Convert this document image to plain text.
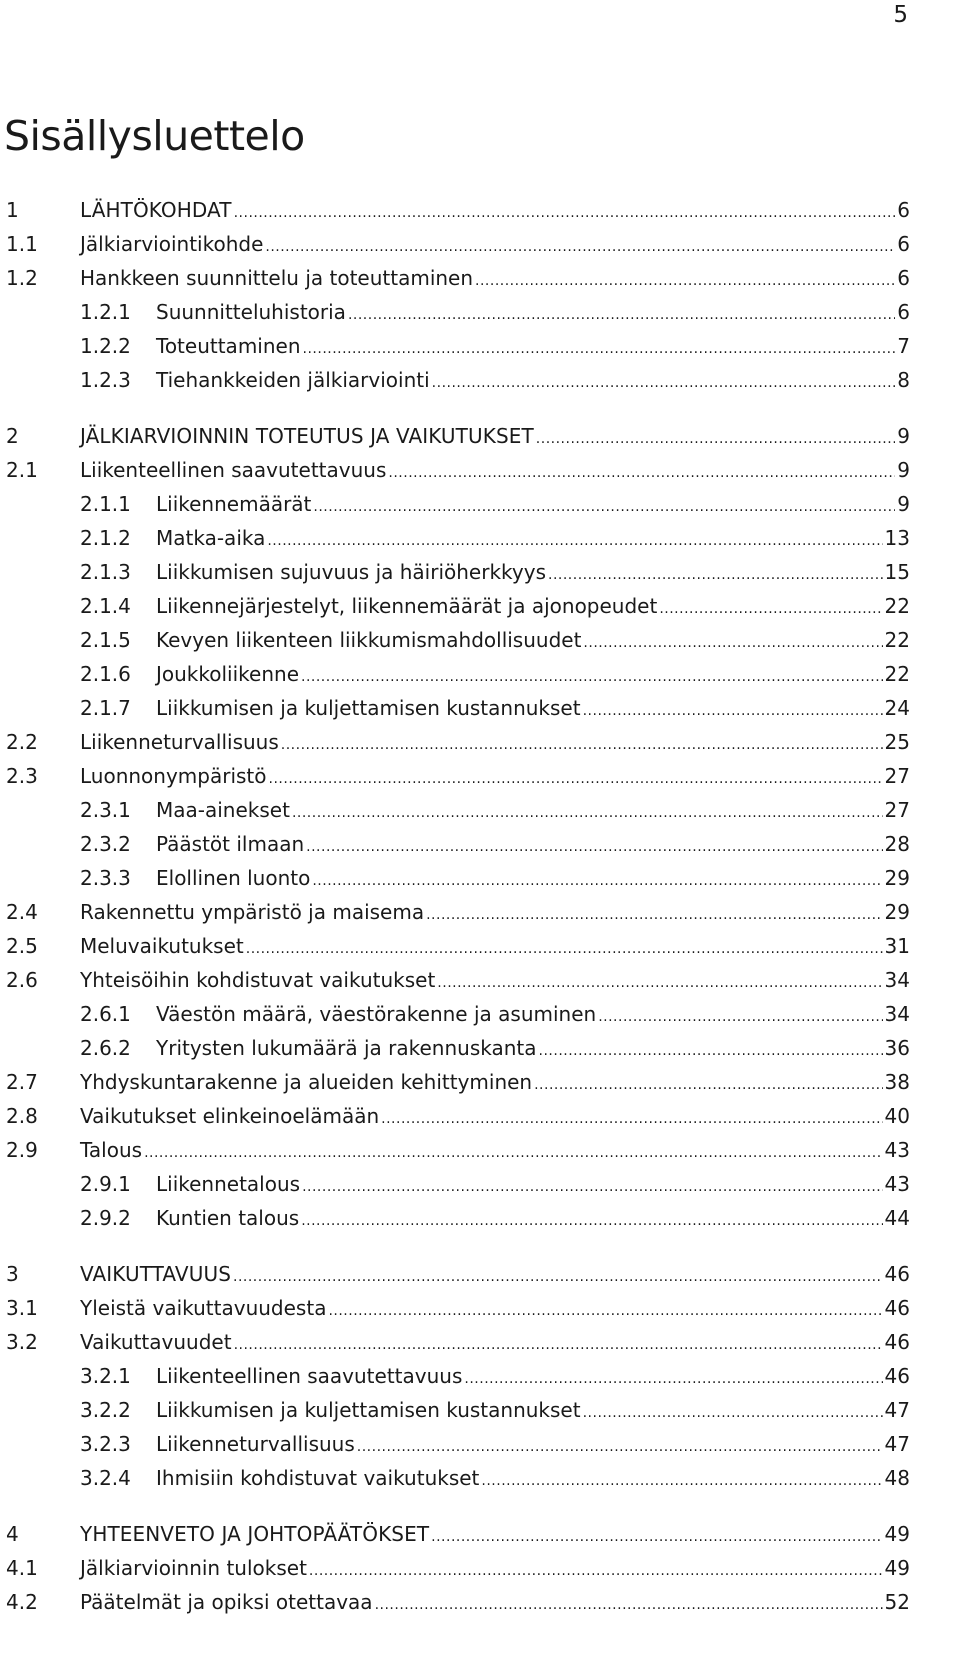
5
Sisällysluettelo
1	LÄHTÖKOHDAT .....	6
1.1	Jälkiarviointikohde .....	6
1.2	Hankkeen suunnittelu ja toteuttaminen .....	6
1.2.1	Suunnitteluhistoria .....	6
1.2.2	Toteuttaminen .....	7
1.2.3	Tiehankkeiden jälkiarviointi .....	8
2	JÄLKIARVIOINNIN TOTEUTUS JA VAIKUTUKSET .....	9
2.1	Liikenteellinen saavutettavuus .....	9
2.1.1	Liikennemäärät .....	9
2.1.2	Matka-aika .....	13
2.1.3	Liikkumisen sujuvuus ja häiriöherkkyys .....	15
2.1.4	Liikennejärjestelyt, liikennemäärät ja ajonopeudet .....	22
2.1.5	Kevyen liikenteen liikkumismahdollisuudet .....	22
2.1.6	Joukkoliikenne .....	22
2.1.7	Liikkumisen ja kuljettamisen kustannukset .....	24
2.2	Liikenneturvallisuus .....	25
2.3	Luonnonympäristö .....	27
2.3.1	Maa-ainekset .....	27
2.3.2	Päästöt ilmaan .....	28
2.3.3	Elollinen luonto .....	29
2.4	Rakennettu ympäristö ja maisema .....	29
2.5	Meluvaikutukset .....	31
2.6	Yhteisöihin kohdistuvat vaikutukset .....	34
2.6.1	Väestön määrä, väestörakenne ja asuminen .....	34
2.6.2	Yritysten lukumäärä ja rakennuskanta .....	36
2.7	Yhdyskuntarakenne ja alueiden kehittyminen .....	38
2.8	Vaikutukset elinkeinoelämään .....	40
2.9	Talous .....	43
2.9.1	Liikennetalous .....	43
2.9.2	Kuntien talous .....	44
3	VAIKUTTAVUUS .....	46
3.1	Yleistä vaikuttavuudesta .....	46
3.2	Vaikuttavuudet .....	46
3.2.1	Liikenteellinen saavutettavuus .....	46
3.2.2	Liikkumisen ja kuljettamisen kustannukset .....	47
3.2.3	Liikenneturvallisuus .....	47
3.2.4	Ihmisiin kohdistuvat vaikutukset .....	48
4	YHTEENVETO JA JOHTOPÄÄTÖKSET .....	49
4.1	Jälkiarvioinnin tulokset .....	49
4.2	Päätelmät ja opiksi otettavaa .....	52
